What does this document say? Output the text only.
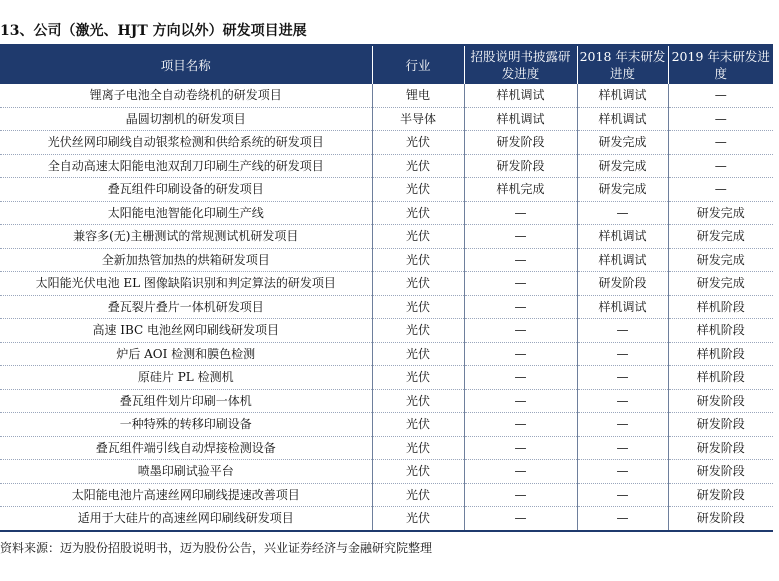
13、公司（激光、HJT 方向以外）研发项目进展
项目名称	行业	招股说明书披露研发进度	2018 年末研发进度	2019 年末研发进度
锂离子电池全自动卷绕机的研发项目	锂电	样机调试	样机调试	—
晶圆切割机的研发项目	半导体	样机调试	样机调试	—
光伏丝网印刷线自动银浆检测和供给系统的研发项目	光伏	研发阶段	研发完成	—
全自动高速太阳能电池双刮刀印刷生产线的研发项目	光伏	研发阶段	研发完成	—
叠瓦组件印刷设备的研发项目	光伏	样机完成	研发完成	—
太阳能电池智能化印刷生产线	光伏	—	—	研发完成
兼容多(无)主栅测试的常规测试机研发项目	光伏	—	样机调试	研发完成
全新加热管加热的烘箱研发项目	光伏	—	样机调试	研发完成
太阳能光伏电池 EL 图像缺陷识别和判定算法的研发项目	光伏	—	研发阶段	研发完成
叠瓦裂片叠片一体机研发项目	光伏	—	样机调试	样机阶段
高速 IBC 电池丝网印刷线研发项目	光伏	—	—	样机阶段
炉后 AOI 检测和膜色检测	光伏	—	—	样机阶段
原硅片 PL 检测机	光伏	—	—	样机阶段
叠瓦组件划片印刷一体机	光伏	—	—	研发阶段
一种特殊的转移印刷设备	光伏	—	—	研发阶段
叠瓦组件端引线自动焊接检测设备	光伏	—	—	研发阶段
喷墨印刷试验平台	光伏	—	—	研发阶段
太阳能电池片高速丝网印刷线提速改善项目	光伏	—	—	研发阶段
适用于大硅片的高速丝网印刷线研发项目	光伏	—	—	研发阶段
资料来源：迈为股份招股说明书，迈为股份公告，兴业证券经济与金融研究院整理
